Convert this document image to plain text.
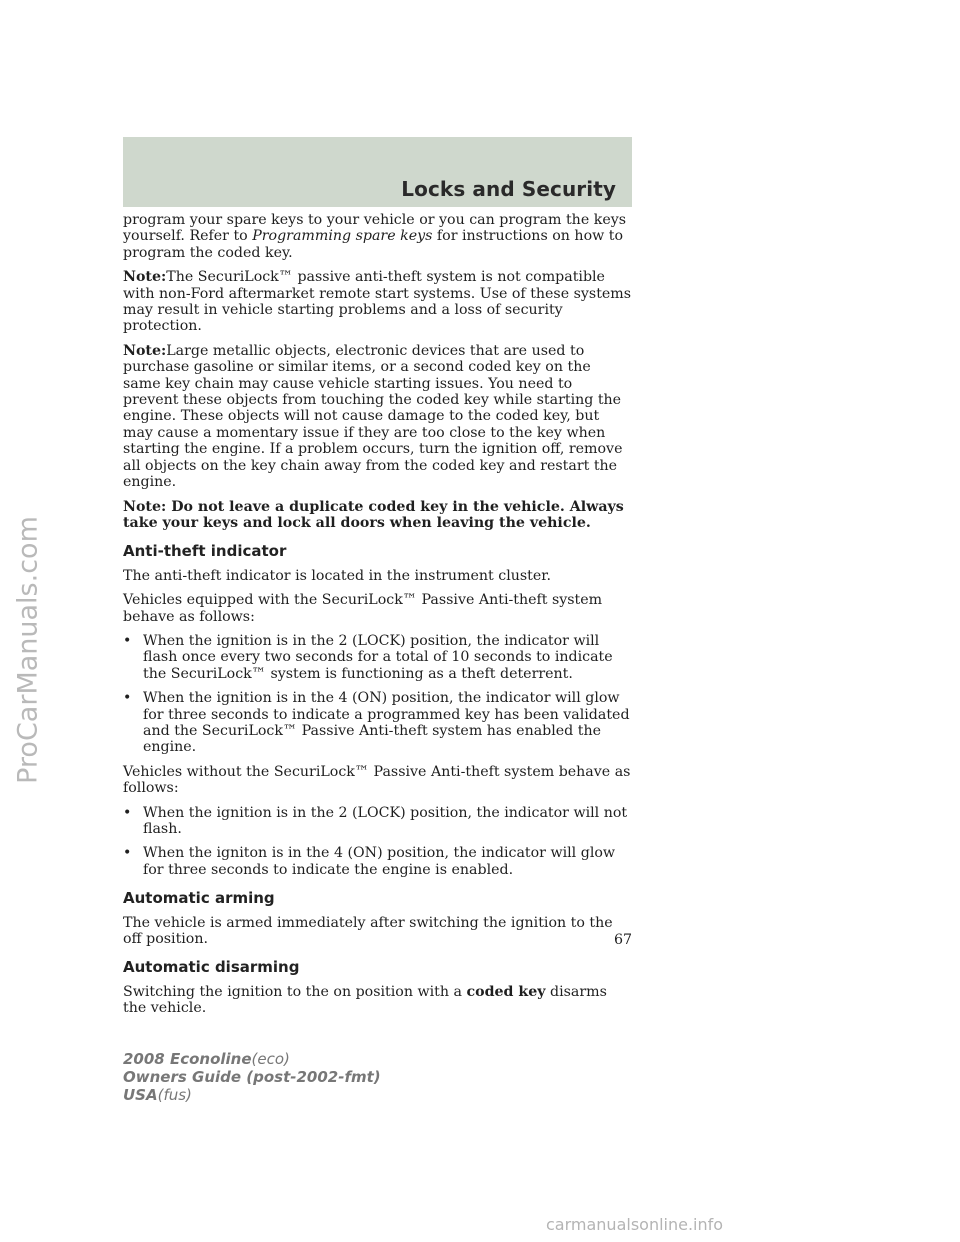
Locks and Security

program your spare keys to your vehicle or you can program the keys yourself. Refer to Programming spare keys for instructions on how to program the coded key.

Note:The SecuriLock™ passive anti-theft system is not compatible with non-Ford aftermarket remote start systems. Use of these systems may result in vehicle starting problems and a loss of security protection.

Note:Large metallic objects, electronic devices that are used to purchase gasoline or similar items, or a second coded key on the same key chain may cause vehicle starting issues. You need to prevent these objects from touching the coded key while starting the engine. These objects will not cause damage to the coded key, but may cause a momentary issue if they are too close to the key when starting the engine. If a problem occurs, turn the ignition off, remove all objects on the key chain away from the coded key and restart the engine.

Note: Do not leave a duplicate coded key in the vehicle. Always take your keys and lock all doors when leaving the vehicle.

Anti-theft indicator

The anti-theft indicator is located in the instrument cluster.

Vehicles equipped with the SecuriLock™ Passive Anti-theft system behave as follows:

• When the ignition is in the 2 (LOCK) position, the indicator will flash once every two seconds for a total of 10 seconds to indicate the SecuriLock™ system is functioning as a theft deterrent.
• When the ignition is in the 4 (ON) position, the indicator will glow for three seconds to indicate a programmed key has been validated and the SecuriLock™ Passive Anti-theft system has enabled the engine.

Vehicles without the SecuriLock™ Passive Anti-theft system behave as follows:

• When the ignition is in the 2 (LOCK) position, the indicator will not flash.
• When the igniton is in the 4 (ON) position, the indicator will glow for three seconds to indicate the engine is enabled.
Automatic arming

The vehicle is armed immediately after switching the ignition to the off position.

Automatic disarming

Switching the ignition to the on position with a coded key disarms the vehicle.

67
2008 Econoline(eco)
Owners Guide (post-2002-fmt)
USA(fus)
ProCarManuals.com
carmanualsonline.info
